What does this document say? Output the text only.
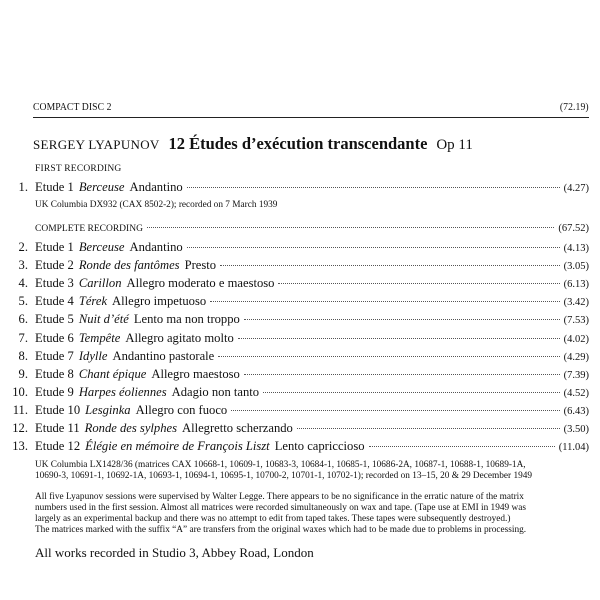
COMPACT DISC 2	(72.19)
SERGEY LYAPUNOV 12 Études d’exécution transcendante Op 11
FIRST RECORDING
1. Etude 1 Berceuse Andantino	(4.27)

UK Columbia DX932 (CAX 8502-2); recorded on 7 March 1939

COMPLETE RECORDING	(67.52)
2. Etude 1 Berceuse Andantino	(4.13)
3. Etude 2 Ronde des fantômes Presto	(3.05)
4. Etude 3 Carillon Allegro moderato e maestoso	(6.13)
5. Etude 4 Térek Allegro impetuoso	(3.42)
6. Etude 5 Nuit d’été Lento ma non troppo	(7.53)
7. Etude 6 Tempête Allegro agitato molto	(4.02)
8. Etude 7 Idylle Andantino pastorale	(4.29)
9. Etude 8 Chant épique Allegro maestoso	(7.39)
10. Etude 9 Harpes éoliennes Adagio non tanto	(4.52)
11. Etude 10 Lesginka Allegro con fuoco	(6.43)
12. Etude 11 Ronde des sylphes Allegretto scherzando	(3.50)
13. Etude 12 Élégie en mémoire de François Liszt Lento capriccioso	(11.04)

UK Columbia LX1428/36 (matrices CAX 10668-1, 10609-1, 10683-3, 10684-1, 10685-1, 10686-2A, 10687-1, 10688-1, 10689-1A,

10690-3, 10691-1, 10692-1A, 10693-1, 10694-1, 10695-1, 10700-2, 10701-1, 10702-1); recorded on 13–15, 20 & 29 December 1949

All five Lyapunov sessions were supervised by Walter Legge. There appears to be no significance in the erratic nature of the matrix

numbers used in the first session. Almost all matrices were recorded simultaneously on wax and tape. (Tape use at EMI in 1949 was

largely as an experimental backup and there was no attempt to edit from taped takes. These tapes were subsequently destroyed.)

The matrices marked with the suffix “A” are transfers from the original waxes which had to be made due to problems in processing.

All works recorded in Studio 3, Abbey Road, London
